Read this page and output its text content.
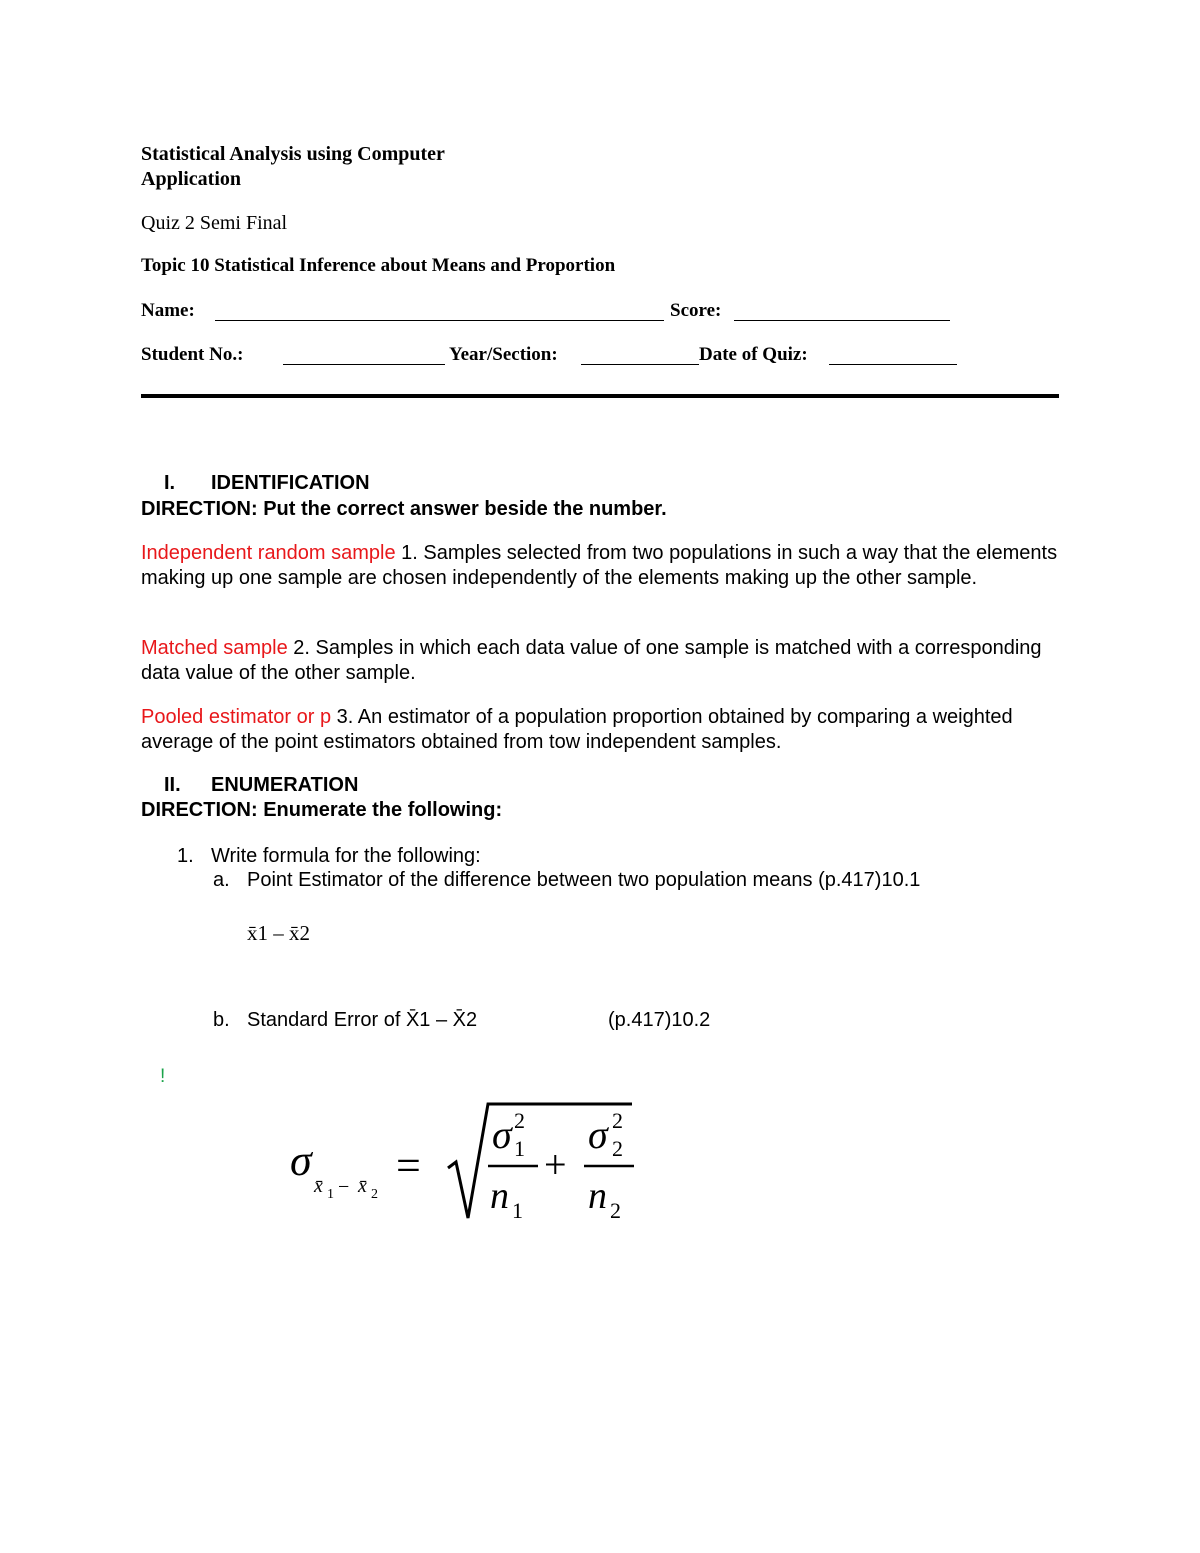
Statistical Analysis using Computer
Application
Quiz 2 Semi Final
Topic 10 Statistical Inference about Means and Proportion
Name:	Score:
Student No.:	Year/Section:	Date of Quiz:
I. IDENTIFICATION
DIRECTION: Put the correct answer beside the number.
Independent random sample 1. Samples selected from two populations in such a way that the elements making up one sample are chosen independently of the elements making up the other sample.
Matched sample 2. Samples in which each data value of one sample is matched with a corresponding data value of the other sample.
Pooled estimator or p 3. An estimator of a population proportion obtained by comparing a weighted average of the point estimators obtained from tow independent samples.
II. ENUMERATION
DIRECTION: Enumerate the following:
1. Write formula for the following:
a. Point Estimator of the difference between two population means (p.417)10.1
x̄1 – x̄2
b. Standard Error of X̄1 – X̄2	(p.417)10.2
!
σ
x̄ 1 − x̄ 2
=
σ 2
1
n 1
+
σ 2
2
n 2
